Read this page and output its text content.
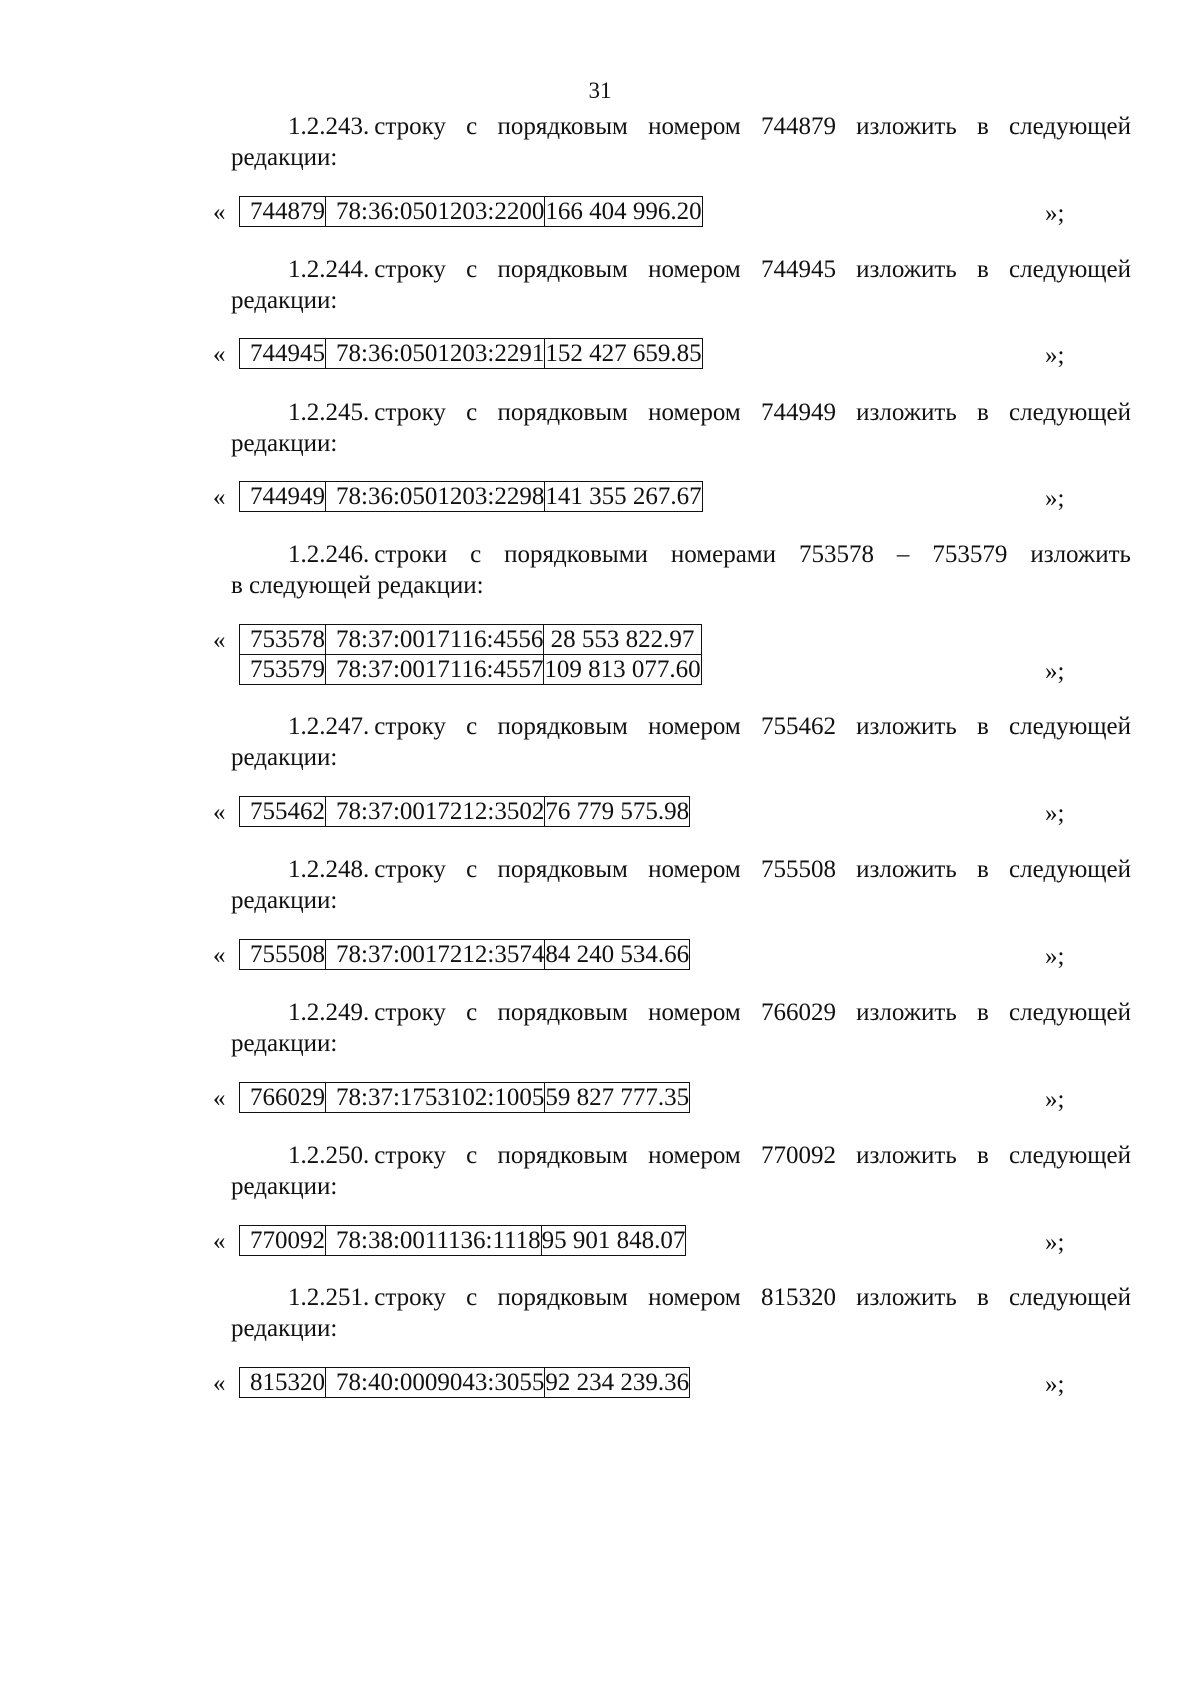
31
1.2.243.  строку с порядковым номером 744879 изложить в следующей
редакции:
« 744879	78:36:0501203:2200	166 404 996.20	»;
1.2.244.  строку с порядковым номером 744945 изложить в следующей
редакции:
« 744945	78:36:0501203:2291	152 427 659.85	»;
1.2.245.  строку с порядковым номером 744949 изложить в следующей
редакции:
« 744949	78:36:0501203:2298	141 355 267.67	»;
1.2.246.  строки с порядковыми номерами 753578 – 753579 изложить
в следующей редакции:
« 753578	78:37:0017116:4556	28 553 822.97
753579	78:37:0017116:4557	109 813 077.60	»;
1.2.247.  строку с порядковым номером 755462 изложить в следующей
редакции:
« 755462	78:37:0017212:3502	76 779 575.98	»;
1.2.248.  строку с порядковым номером 755508 изложить в следующей
редакции:
« 755508	78:37:0017212:3574	84 240 534.66	»;
1.2.249.  строку с порядковым номером 766029 изложить в следующей
редакции:
« 766029	78:37:1753102:1005	59 827 777.35	»;
1.2.250.  строку с порядковым номером 770092 изложить в следующей
редакции:
« 770092	78:38:0011136:1118	95 901 848.07	»;
1.2.251.  строку с порядковым номером 815320 изложить в следующей
редакции:
« 815320	78:40:0009043:3055	92 234 239.36	»;
